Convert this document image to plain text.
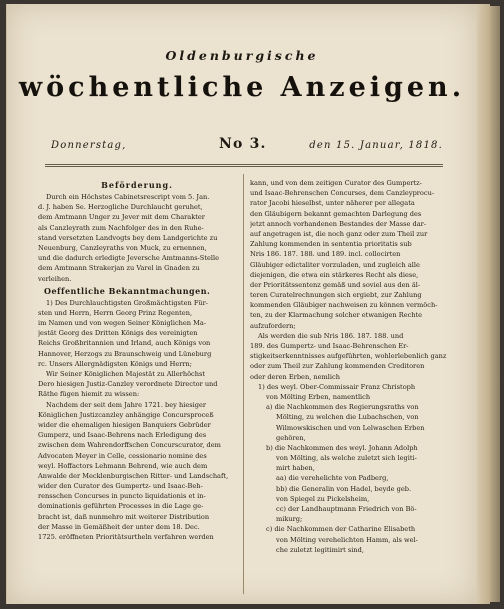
Oldenburgische
wöchentliche Anzeigen.
Donnerstag,	No 3.	den 15. Januar, 1818.
Beförderung.
Durch ein Höchstes Cabinetsrescript vom 5. Jan.
d. J. haben Se. Herzogliche Durchlaucht geruhet,
dem Amtmann Unger zu Jever mit dem Charakter
als Canzleyrath zum Nachfolger des in den Ruhe-
stand versetzten Landvogts bey dem Landgerichte zu
Neuenburg, Canzleyraths von Muck, zu ernennen,
und die dadurch erledigte Jeversche Amtmanns-Stelle
dem Amtmann Strakerjan zu Varel in Gnaden zu
verleihen.
Oeffentliche Bekanntmachungen.
1) Des Durchlauchtigsten Großmächtigsten Für-
sten und Herrn, Herrn Georg Prinz Regenten,
im Namen und von wegen Seiner Königlichen Ma-
jestät Georg des Dritten Königs des vereinigten
Reichs Großbritannien und Irland, auch Königs von
Hannover, Herzogs zu Braunschweig und Lüneburg
rc. Unsers Allergnädigsten Königs und Herrn;
Wir Seiner Königlichen Majestät zu Allerhöchst
Dero hiesigen Justiz-Canzley verordnete Director und
Räthe fügen hiemit zu wissen:
Nachdem der seit dem Jahre 1721. bey hiesiger
Königlichen Justizcanzley anhängige Concursproceß
wider die ehemaligen hiesigen Banquiers Gebrüder
Gumperz, und Isaac-Behrens nach Erledigung des
zwischen dem Wahrendorffschen Concurscurator, dem
Advocaten Meyer in Celle, cessionario nomine des
weyl. Hoffactors Lehmann Behrend, wie auch dem
Anwalde der Mecklenburgischen Ritter- und Landschaft,
wider den Curator des Gumpertz- und Isaac-Beh-
rensschen Concurses in puncto liquidationis et in-
dominationis geführten Processes in die Lage ge-
bracht ist, daß nunmehro mit weiterer Distribution
der Masse in Gemäßheit der unter dem 18. Dec.
1725. eröffneten Prioritätsurtheln verfahren werden
kann, und von dem zeitigen Curator des Gumpertz-
und Isaac-Behrenschen Concurses, dem Canzleyprocu-
rator Jacobi hieselbst, unter näherer per allegata
den Gläubigern bekannt gemachten Darlegung des
jetzt annoch vorhandenen Bestandes der Masse dar-
auf angetragen ist, die noch ganz oder zum Theil zur
Zahlung kommenden in sententia prioritatis sub
Nris 186. 187. 188. und 189. incl. collocirten
Gläubiger edictaliter vorzuladen, und zugleich alle
diejenigen, die etwa ein stärkeres Recht als diese,
der Prioritätssentenz gemäß und soviel aus den äl-
teren Curatelrechnungen sich ergiebt, zur Zahlung
kommenden Gläubiger nachweisen zu können vermöch-
ten, zu der Klarmachung solcher etwanigen Rechte
aufzufordern;
Als werden die sub Nris 186. 187. 188. und
189. des Gumpertz- und Isaac-Behrenschen Er-
stigkeitserkenntnisses aufgeführten, wohlerlebenlich ganz
oder zum Theil zur Zahlung kommenden Creditoren
oder deren Erben, nemlich
1) des weyl. Ober-Commissair Franz Christoph
von Mölting Erben, namentlich
a) die Nachkommen des Regierungsraths von
Mölting, zu welchen die Lubachschen, von
Wilmowskischen und von Lelwaschen Erben
gehören,
b) die Nachkommen des weyl. Johann Adolph
von Mölting, als welche zuletzt sich legiti-
mirt haben,
aa) die verehelichte von Padberg,
bb) die Generalin von Hadel, beyde geb.
von Spiegel zu Pickelsheim,
cc) der Landhauptmann Friedrich von Bö-
mikurg;
c) die Nachkommen der Catharine Elisabeth
von Mölting verehelichten Hamm, als wel-
che zuletzt legitimirt sind,
